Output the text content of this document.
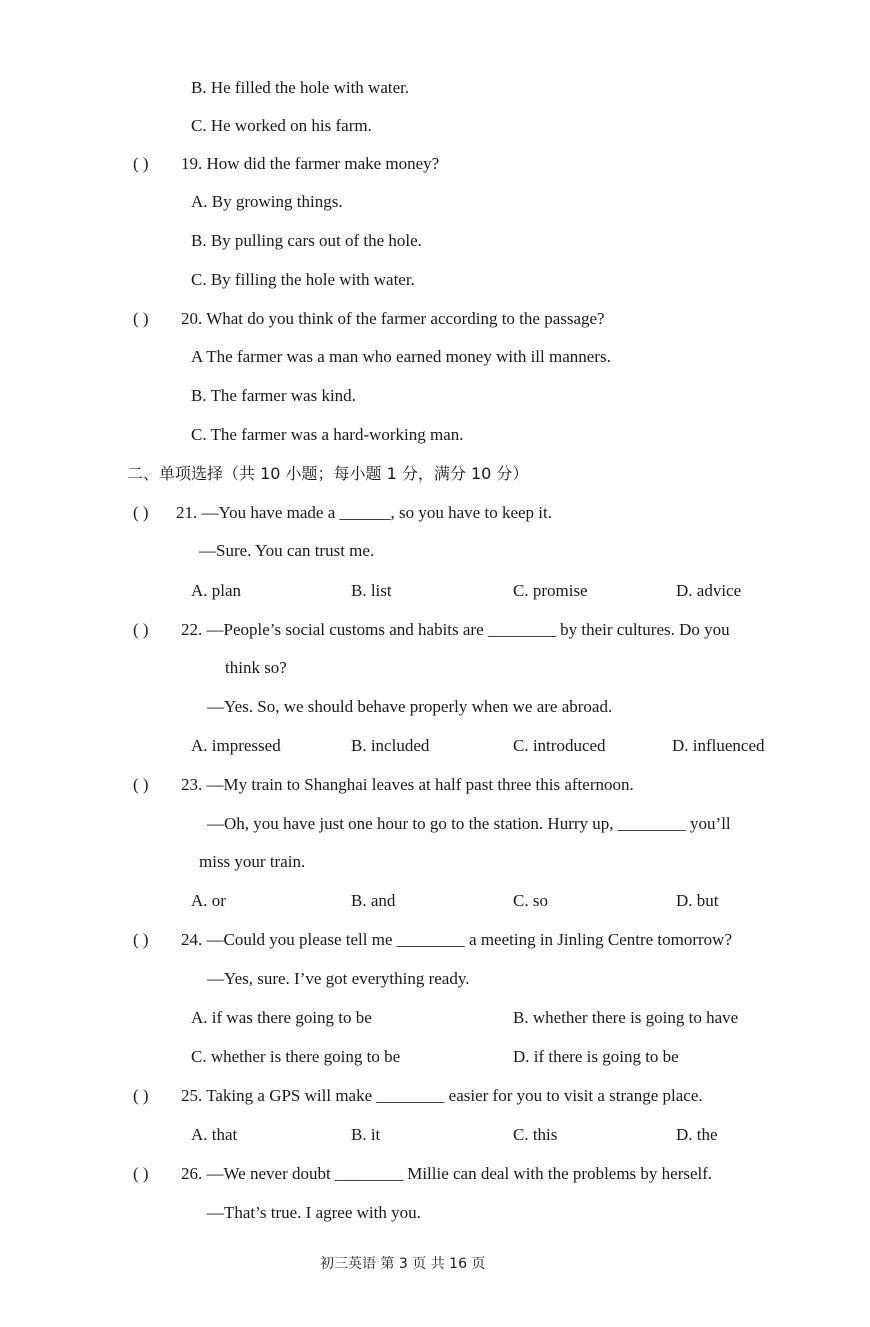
B. He filled the hole with water.
C. He worked on his farm.
( ) 19. How did the farmer make money?
A. By growing things.
B. By pulling cars out of the hole.
C. By filling the hole with water.
( ) 20. What do you think of the farmer according to the passage?
A The farmer was a man who earned money with ill manners.
B. The farmer was kind.
C. The farmer was a hard-working man.
二、单项选择（共 10 小题；每小题 1 分，满分 10 分）
( ) 21. —You have made a ______, so you have to keep it.
—Sure. You can trust me.
A. plan	B. list	C. promise	D. advice
( ) 22. —People’s social customs and habits are ________ by their cultures. Do you
think so?
—Yes. So, we should behave properly when we are abroad.
A. impressed	B. included	C. introduced	D. influenced
( ) 23. —My train to Shanghai leaves at half past three this afternoon.
—Oh, you have just one hour to go to the station. Hurry up, ________ you’ll
miss your train.
A. or	B. and	C. so	D. but
( ) 24. —Could you please tell me ________ a meeting in Jinling Centre tomorrow?
—Yes, sure. I’ve got everything ready.
A. if was there going to be	B. whether there is going to have
C. whether is there going to be	D. if there is going to be
( ) 25. Taking a GPS will make ________ easier for you to visit a strange place.
A. that	B. it	C. this	D. the
( ) 26. —We never doubt ________ Millie can deal with the problems by herself.
—That’s true. I agree with you.
初三英语 第 3 页 共 16 页
